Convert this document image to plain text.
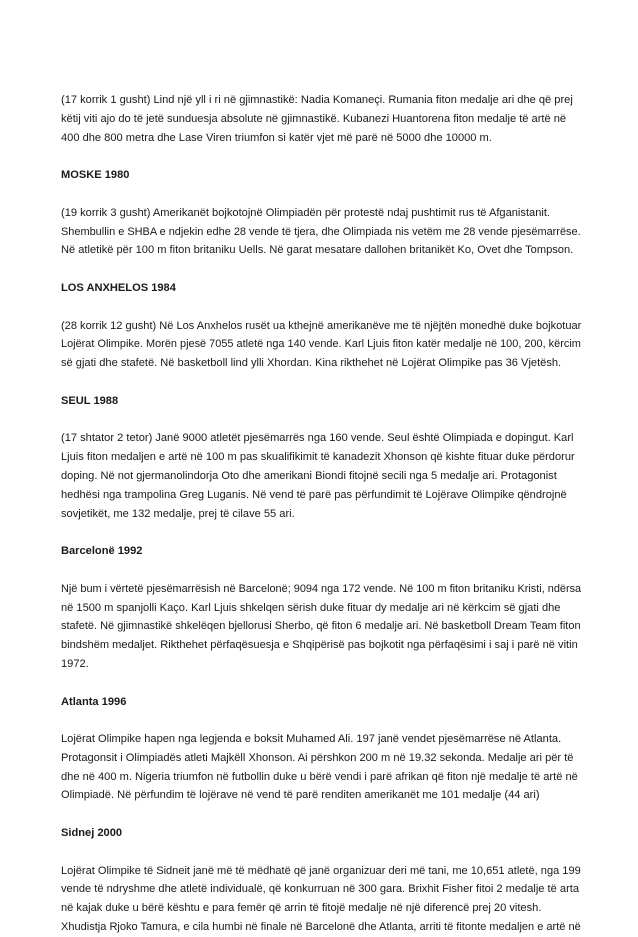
(17 korrik 1 gusht) Lind një yll i ri në gjimnastikë: Nadia Komaneçi. Rumania fiton medalje ari dhe që prej
këtij viti ajo do të jetë sunduesja absolute në gjimnastikë. Kubanezi Huantorena fiton medalje të artë në
400 dhe 800 metra dhe Lase Viren triumfon si katër vjet më parë në 5000 dhe 10000 m.

MOSKE 1980

(19 korrik 3 gusht) Amerikanët bojkotojnë Olimpiadën për protestë ndaj pushtimit rus të Afganistanit.
Shembullin e SHBA e ndjekin edhe 28 vende të tjera, dhe Olimpiada nis vetëm me 28 vende pjesëmarrëse.
Në atletikë për 100 m fiton britaniku Uells. Në garat mesatare dallohen britanikët Ko, Ovet dhe Tompson.

LOS ANXHELOS 1984

(28 korrik 12 gusht) Në Los Anxhelos rusët ua kthejnë amerikanëve me të njëjtën monedhë duke bojkotuar
Lojërat Olimpike. Morën pjesë 7055 atletë nga 140 vende. Karl Ljuis fiton katër medalje në 100, 200, kërcim
së gjati dhe stafetë. Në basketboll lind ylli Xhordan. Kina rikthehet në Lojërat Olimpike pas 36 Vjetësh.

SEUL 1988

(17 shtator 2 tetor) Janë 9000 atletët pjesëmarrës nga 160 vende. Seul është Olimpiada e dopingut. Karl
Ljuis fiton medaljen e artë në 100 m pas skualifikimit të kanadezit Xhonson që kishte fituar duke përdorur
doping. Në not gjermanolindorja Oto dhe amerikani Biondi fitojnë secili nga 5 medalje ari. Protagonist
hedhësi nga trampolina Greg Luganis. Në vend të parë pas përfundimit të Lojërave Olimpike qëndrojnë
sovjetikët, me 132 medalje, prej të cilave 55 ari.

Barcelonë 1992

Një bum i vërtetë pjesëmarrësish në Barcelonë; 9094 nga 172 vende. Në 100 m fiton britaniku Kristi, ndërsa
në 1500 m spanjolli Kaço. Karl Ljuis shkelqen sërish duke fituar dy medalje ari në kërkcim së gjati dhe
stafetë. Në gjimnastikë shkelëqen bjellorusi Sherbo, që fiton 6 medalje ari. Në basketboll Dream Team fiton
bindshëm medaljet. Rikthehet përfaqësuesja e Shqipërisë pas bojkotit nga përfaqësimi i saj i parë në vitin
1972.

Atlanta 1996

Lojërat Olimpike hapen nga legjenda e boksit Muhamed Ali. 197 janë vendet pjesëmarrëse në Atlanta.
Protagonsit i Olimpiadës atleti Majkëll Xhonson. Ai përshkon 200 m në 19.32 sekonda. Medalje ari për të
dhe në 400 m. Nigeria triumfon në futbollin duke u bërë vendi i parë afrikan që fiton një medalje të artë në
Olimpiadë. Në përfundim të lojërave në vend të parë renditen amerikanët me 101 medalje (44 ari)

Sidnej 2000

Lojërat Olimpike të Sidneit janë më të mëdhatë që janë organizuar deri më tani, me 10,651 atletë, nga 199
vende të ndryshme dhe atletë individualë, që konkurruan në 300 gara. Brixhit Fisher fitoi 2 medalje të arta
në kajak duke u bërë kështu e para femër që arrin të fitojë medalje në një diferencë prej 20 vitesh.
Xhudistja Rjoko Tamura, e cila humbi në finale në Barcelonë dhe Atlanta, arriti të fitonte medaljen e artë në
